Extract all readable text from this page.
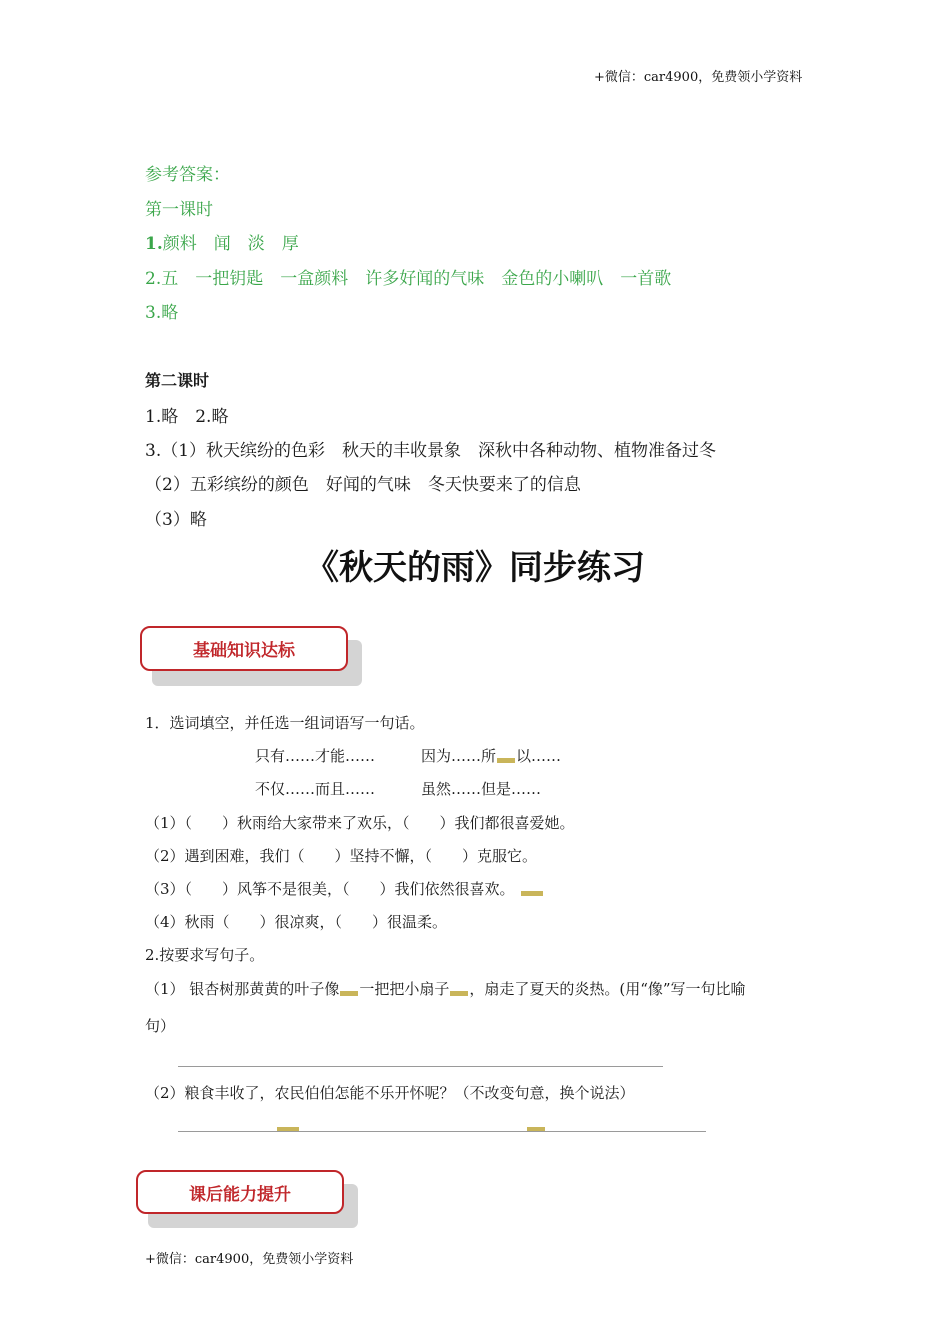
+微信：car4900，免费领小学资料
参考答案：
第一课时
1.颜料　闻　淡　厚
2.五　一把钥匙　一盒颜料　许多好闻的气味　金色的小喇叭　一首歌
3.略
第二课时
1.略　2.略
3.（1）秋天缤纷的色彩　秋天的丰收景象　深秋中各种动物、植物准备过冬
（2）五彩缤纷的颜色　好闻的气味　冬天快要来了的信息
（3）略
《秋天的雨》同步练习
基础知识达标
1．选词填空，并任选一组词语写一句话。
只有……才能……	因为……所 以……
不仅……而且……	虽然……但是……
（1）（　　）秋雨给大家带来了欢乐，（　　）我们都很喜爱她。
（2）遇到困难，我们（　　）坚持不懈，（　　）克服它。
（3）（　　）风筝不是很美，（　　）我们依然很喜欢。
（4）秋雨（　　）很凉爽，（　　）很温柔。
2.按要求写句子。
（1） 银杏树那黄黄的叶子像 一把把小扇子 ，扇走了夏天的炎热。(用“像”写一句比喻
句）
（2）粮食丰收了，农民伯伯怎能不乐开怀呢？（不改变句意，换个说法）
课后能力提升
+微信：car4900，免费领小学资料
